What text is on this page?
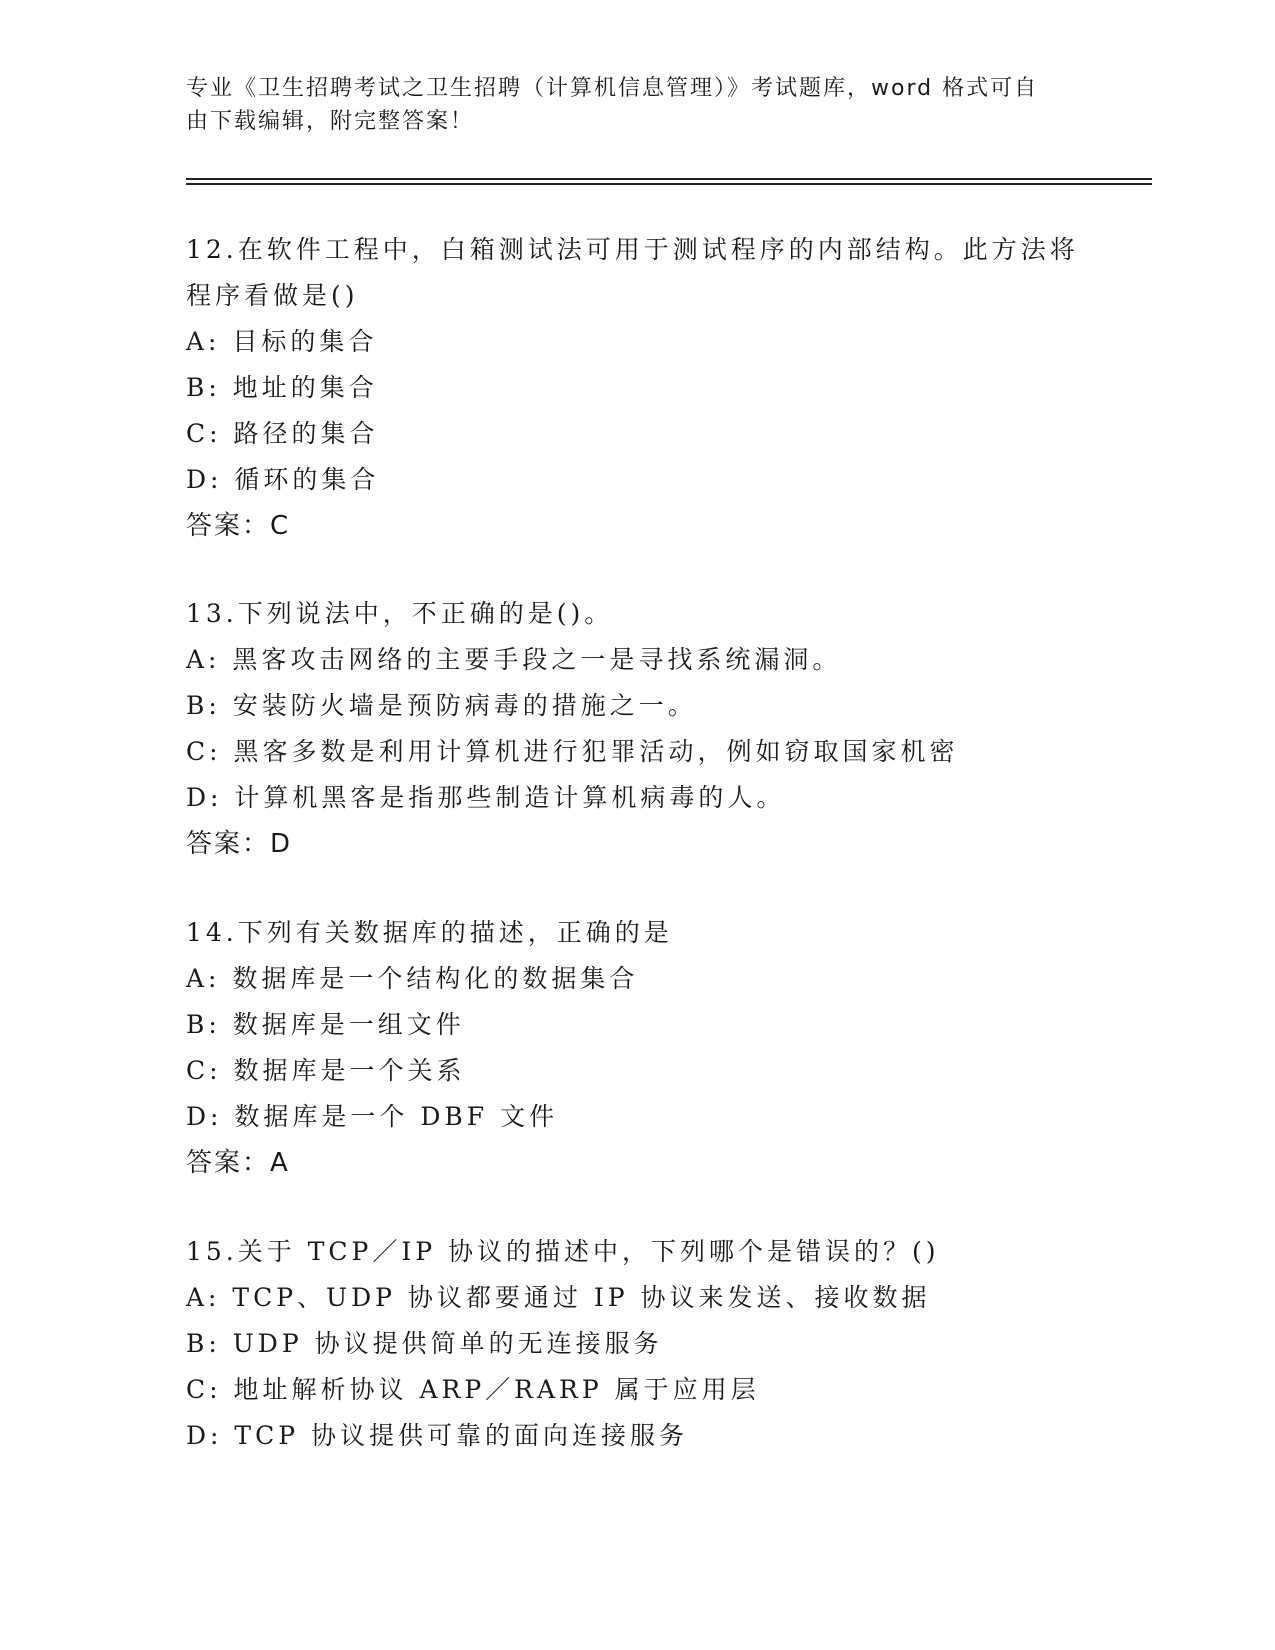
专业《卫生招聘考试之卫生招聘（计算机信息管理）》考试题库，word 格式可自
由下载编辑，附完整答案！
12.在软件工程中，白箱测试法可用于测试程序的内部结构。此方法将
程序看做是()
A: 目标的集合
B: 地址的集合
C: 路径的集合
D: 循环的集合
答案：C
13.下列说法中，不正确的是()。
A: 黑客攻击网络的主要手段之一是寻找系统漏洞。
B: 安装防火墙是预防病毒的措施之一。
C: 黑客多数是利用计算机进行犯罪活动，例如窃取国家机密
D: 计算机黑客是指那些制造计算机病毒的人。
答案：D
14.下列有关数据库的描述，正确的是
A: 数据库是一个结构化的数据集合
B: 数据库是一组文件
C: 数据库是一个关系
D: 数据库是一个 DBF 文件
答案：A
15.关于 TCP／IP 协议的描述中，下列哪个是错误的？()
A: TCP、UDP 协议都要通过 IP 协议来发送、接收数据
B: UDP 协议提供简单的无连接服务
C: 地址解析协议 ARP／RARP 属于应用层
D: TCP 协议提供可靠的面向连接服务
